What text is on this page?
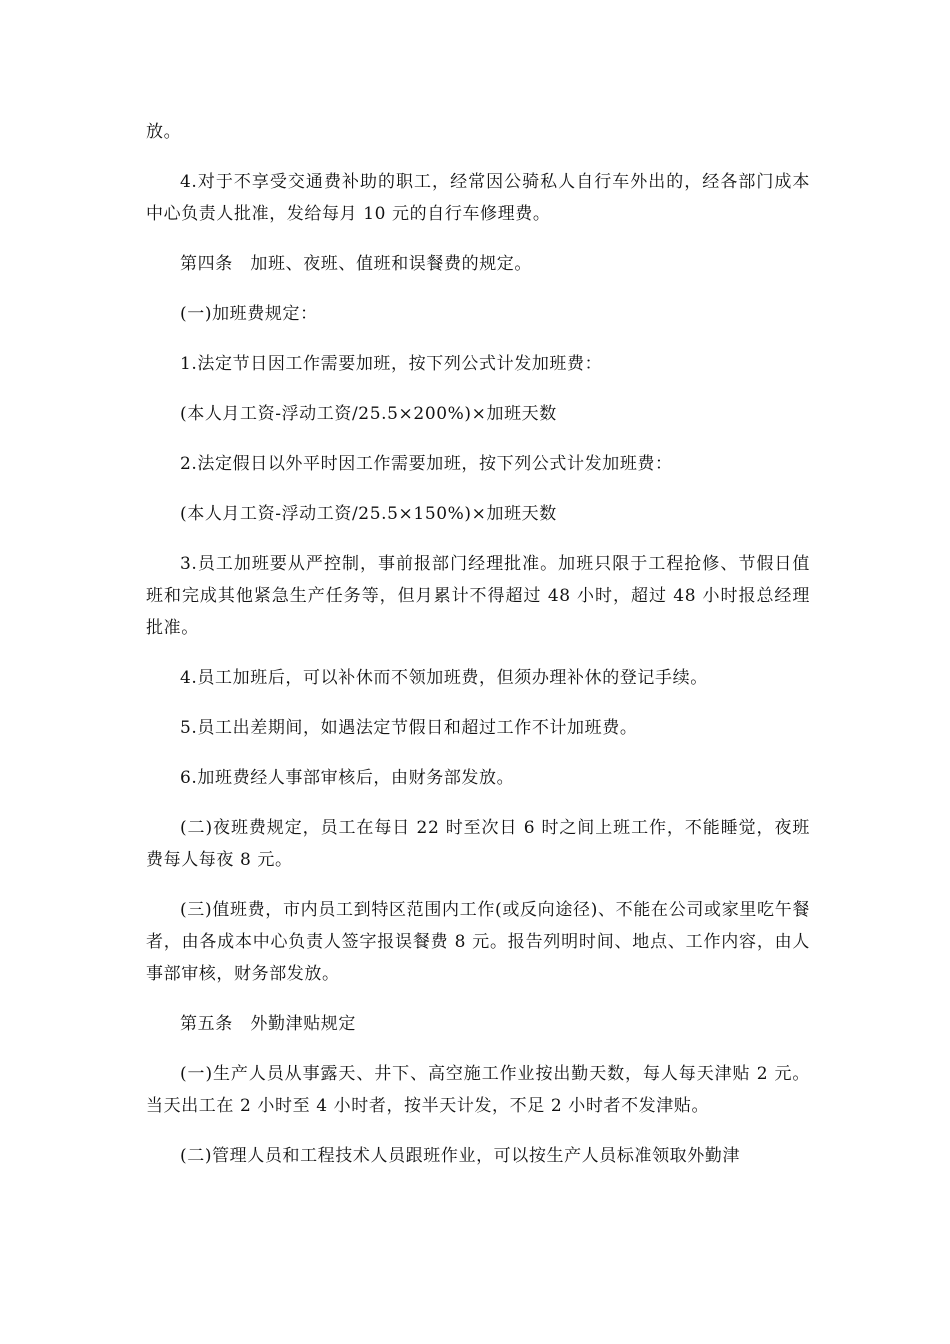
放。

4.对于不享受交通费补助的职工，经常因公骑私人自行车外出的，经各部门成本中心负责人批准，发给每月 10 元的自行车修理费。

第四条　加班、夜班、值班和误餐费的规定。

(一)加班费规定：

1.法定节日因工作需要加班，按下列公式计发加班费：

(本人月工资-浮动工资/25.5×200%)×加班天数

2.法定假日以外平时因工作需要加班，按下列公式计发加班费：

(本人月工资-浮动工资/25.5×150%)×加班天数

3.员工加班要从严控制，事前报部门经理批准。加班只限于工程抢修、节假日值班和完成其他紧急生产任务等，但月累计不得超过 48 小时，超过 48 小时报总经理批准。

4.员工加班后，可以补休而不领加班费，但须办理补休的登记手续。

5.员工出差期间，如遇法定节假日和超过工作不计加班费。

6.加班费经人事部审核后，由财务部发放。

(二)夜班费规定，员工在每日 22 时至次日 6 时之间上班工作，不能睡觉，夜班费每人每夜 8 元。

(三)值班费，市内员工到特区范围内工作(或反向途径)、不能在公司或家里吃午餐者，由各成本中心负责人签字报误餐费 8 元。报告列明时间、地点、工作内容，由人事部审核，财务部发放。

第五条　外勤津贴规定

(一)生产人员从事露天、井下、高空施工作业按出勤天数，每人每天津贴 2 元。当天出工在 2 小时至 4 小时者，按半天计发，不足 2 小时者不发津贴。

(二)管理人员和工程技术人员跟班作业，可以按生产人员标准领取外勤津
